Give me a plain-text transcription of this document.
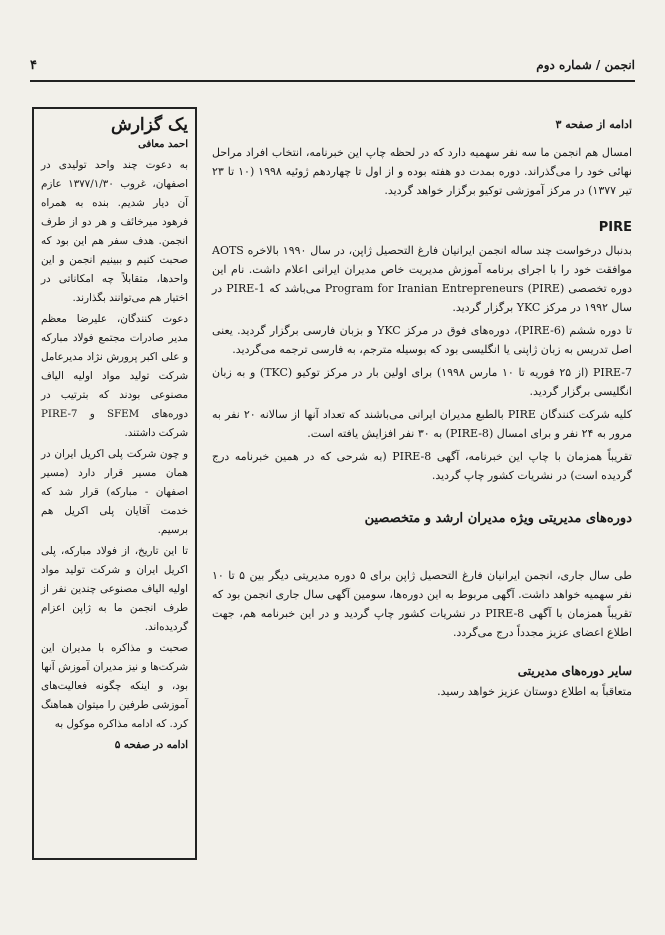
انجمن / شماره دوم
۴
یک گزارش
احمد معافی

به دعوت چند واحد تولیدی در اصفهان، غروب ۱۳۷۷/۱/۳۰ عازم آن دیار شدیم. بنده به همراه فرهود میرخائف و هر دو از طرف انجمن. هدف سفر هم این بود که صحبت کنیم و ببینیم انجمن و این واحدها، متقابلاً چه امکاناتی در اختیار هم می‌توانند بگذارند.

دعوت کنندگان، علیرضا معظم مدیر صادرات مجتمع فولاد مبارکه و علی اکبر پرورش نژاد مدیرعامل شرکت تولید مواد اولیه الیاف مصنوعی بودند که بترتیب در دوره‌های SFEM و PIRE-7 شرکت داشتند.

و چون شرکت پلی اکریل ایران در همان مسیر قرار دارد (مسیر اصفهان - مبارکه) قرار شد که خدمت آقایان پلی اکریل هم برسیم.

تا این تاریخ، از فولاد مبارکه، پلی اکریل ایران و شرکت تولید مواد اولیه الیاف مصنوعی چندین نفر از طرف انجمن ما به ژاپن اعزام گردیده‌اند.

صحبت و مذاکره با مدیران این شرکت‌ها و نیز مدیران آموزش آنها بود، و اینکه چگونه فعالیت‌های آموزشی طرفین را میتوان هماهنگ کرد. که ادامه مذاکره موکول به

ادامه در صفحه ۵

ادامه از صفحه ۳

امسال هم انجمن ما سه نفر سهمیه دارد که در لحظه چاپ این خبرنامه، انتخاب افراد مراحل نهائی خود را می‌گذراند. دوره بمدت دو هفته بوده و از اول تا چهاردهم ژوئیه ۱۹۹۸ (۱۰ تا ۲۳ تیر ۱۳۷۷) در مرکز آموزشی توکیو برگزار خواهد گردید.

PIRE

بدنبال درخواست چند ساله انجمن ایرانیان فارغ التحصیل ژاپن، در سال ۱۹۹۰ بالاخره AOTS موافقت خود را با اجرای برنامه آموزش مدیریت خاص مدیران ایرانی اعلام داشت. نام این دوره تخصصی Program for Iranian Entrepreneurs (PIRE) می‌باشد که PIRE-1 در سال ۱۹۹۲ در مرکز YKC برگزار گردید.

تا دوره ششم (PIRE-6)، دوره‌های فوق در مرکز YKC و بزبان فارسی برگزار گردید. یعنی اصل تدریس به زبان ژاپنی یا انگلیسی بود که بوسیله مترجم، به فارسی ترجمه می‌گردید.

PIRE-7 (از ۲۵ فوریه تا ۱۰ مارس ۱۹۹۸) برای اولین بار در مرکز توکیو (TKC) و به زبان انگلیسی برگزار گردید.

کلیه شرکت کنندگان PIRE بالطبع مدیران ایرانی می‌باشند که تعداد آنها از سالانه ۲۰ نفر به مرور به ۲۴ نفر و برای امسال (PIRE-8) به ۳۰ نفر افزایش یافته است.

تقریباً همزمان با چاپ این خبرنامه، آگهی PIRE-8 (به شرحی که در همین خبرنامه درج گردیده است) در نشریات کشور چاپ گردید.

دوره‌های مدیریتی ویژه مدیران ارشد و متخصصین

طی سال جاری، انجمن ایرانیان فارغ التحصیل ژاپن برای ۵ دوره مدیریتی دیگر بین ۵ تا ۱۰ نفر سهمیه خواهد داشت. آگهی مربوط به این دوره‌ها، سومین آگهی سال جاری انجمن بود که تقریباً همزمان با آگهی PIRE-8 در نشریات کشور چاپ گردید و در این خبرنامه هم، جهت اطلاع اعضای عزیز مجدداً درج می‌گردد.

سایر دوره‌های مدیریتی

متعاقباً به اطلاع دوستان عزیز خواهد رسید.
